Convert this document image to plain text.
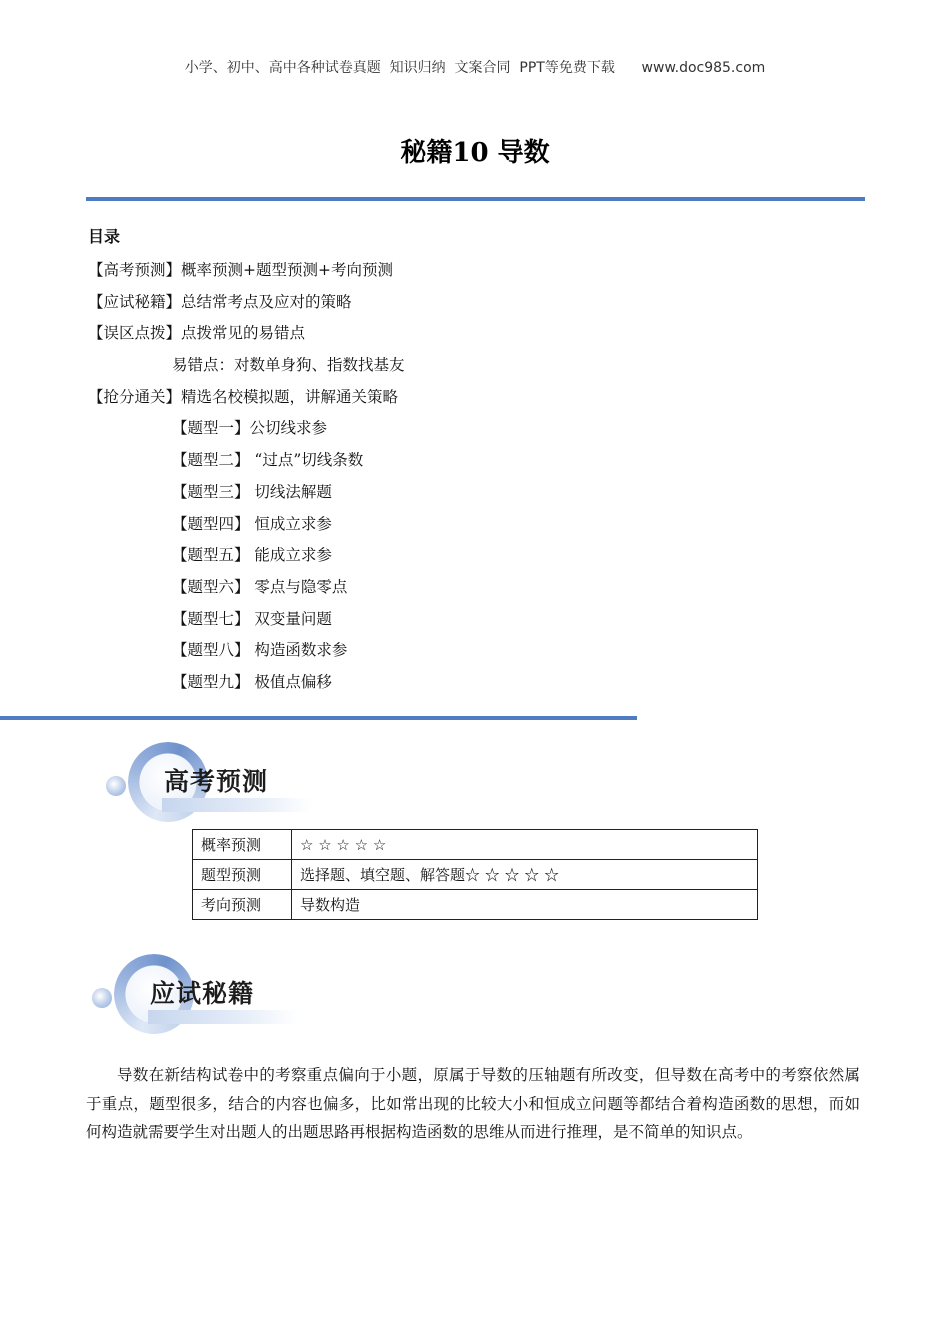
小学、初中、高中各种试卷真题  知识归纳  文案合同  PPT等免费下载 www.doc985.com
秘籍10 导数
目录
【高考预测】概率预测+题型预测+考向预测
【应试秘籍】总结常考点及应对的策略
【误区点拨】点拨常见的易错点
易错点：对数单身狗、指数找基友
【抢分通关】精选名校模拟题，讲解通关策略
【题型一】公切线求参
【题型二】 “过点”切线条数
【题型三】 切线法解题
【题型四】 恒成立求参
【题型五】 能成立求参
【题型六】 零点与隐零点
【题型七】 双变量问题
【题型八】 构造函数求参
【题型九】 极值点偏移
高考预测
概率预测	☆ ☆ ☆ ☆ ☆
题型预测	选择题、填空题、解答题☆ ☆ ☆ ☆ ☆
考向预测	导数构造
应试秘籍
导数在新结构试卷中的考察重点偏向于小题，原属于导数的压轴题有所改变，但导数在高考中的考察依然属于重点，题型很多，结合的内容也偏多，比如常出现的比较大小和恒成立问题等都结合着构造函数的思想，而如何构造就需要学生对出题人的出题思路再根据构造函数的思维从而进行推理，是不简单的知识点。
